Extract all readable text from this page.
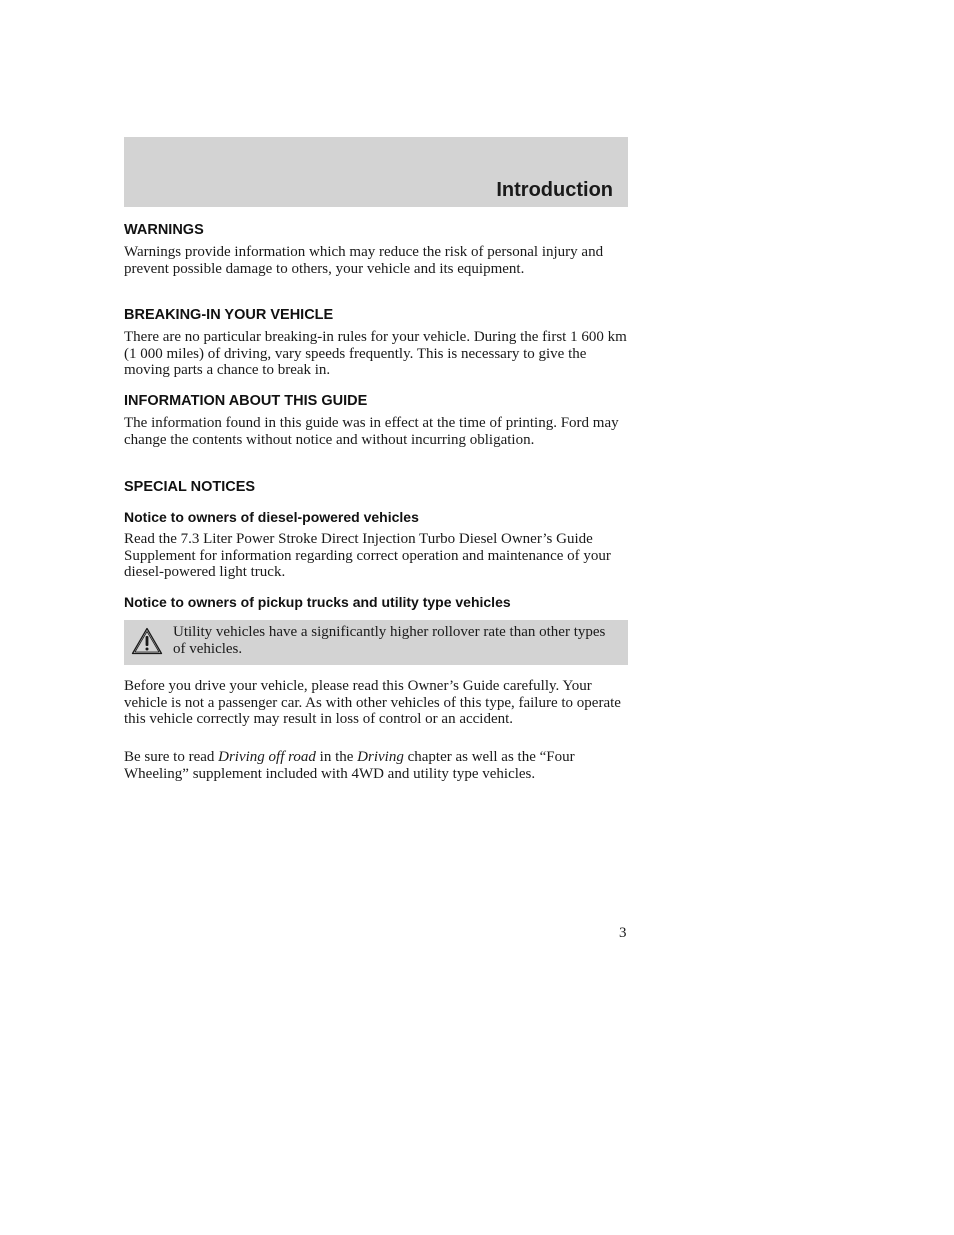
Introduction
WARNINGS

Warnings provide information which may reduce the risk of personal injury and prevent possible damage to others, your vehicle and its equipment.

BREAKING-IN YOUR VEHICLE

There are no particular breaking-in rules for your vehicle. During the first 1 600 km (1 000 miles) of driving, vary speeds frequently. This is necessary to give the moving parts a chance to break in.

INFORMATION ABOUT THIS GUIDE

The information found in this guide was in effect at the time of printing. Ford may change the contents without notice and without incurring obligation.

SPECIAL NOTICES
Notice to owners of diesel-powered vehicles

Read the 7.3 Liter Power Stroke Direct Injection Turbo Diesel Owner’s Guide Supplement for information regarding correct operation and maintenance of your diesel-powered light truck.

Notice to owners of pickup trucks and utility type vehicles

Utility vehicles have a significantly higher rollover rate than other types of vehicles.

Before you drive your vehicle, please read this Owner’s Guide carefully. Your vehicle is not a passenger car. As with other vehicles of this type, failure to operate this vehicle correctly may result in loss of control or an accident.

Be sure to read Driving off road in the Driving chapter as well as the “Four Wheeling” supplement included with 4WD and utility type vehicles.

3
